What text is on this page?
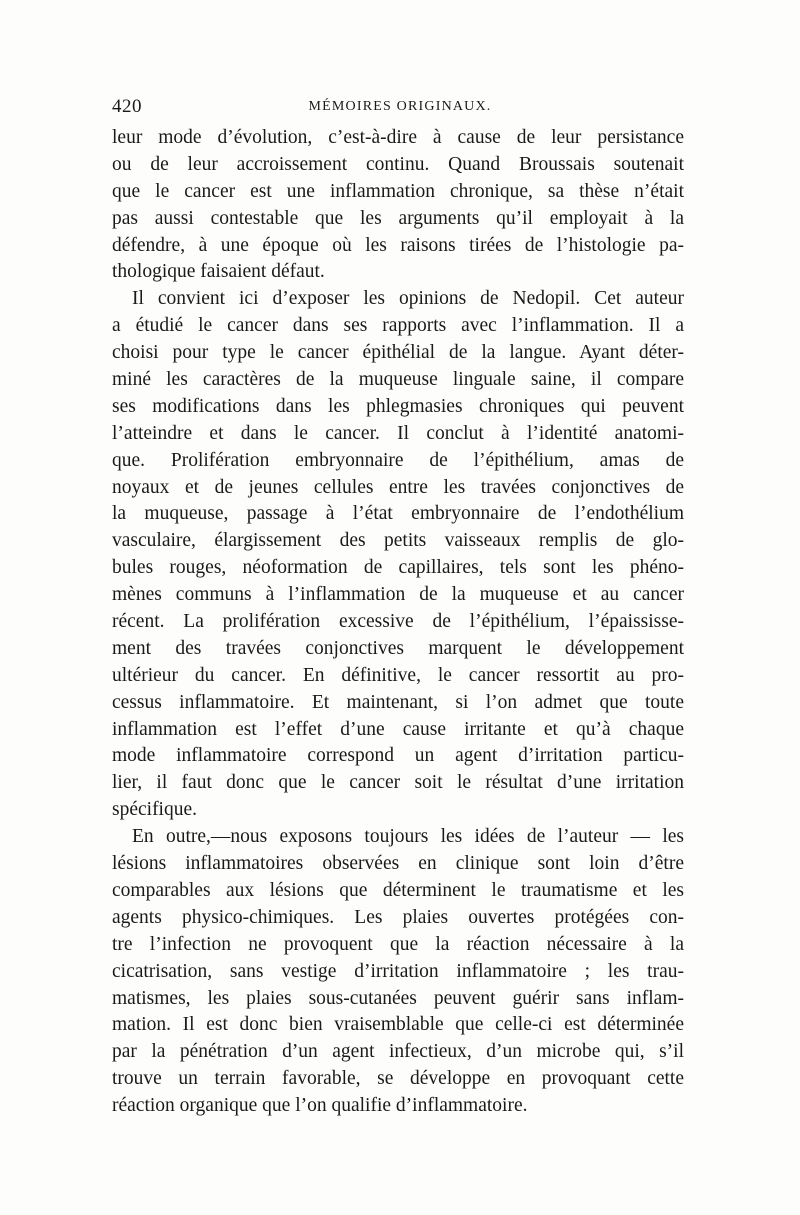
420	MÉMOIRES ORIGINAUX.
leur mode d’évolution, c’est-à-dire à cause de leur persistance
ou de leur accroissement continu. Quand Broussais soutenait
que le cancer est une inflammation chronique, sa thèse n’était
pas aussi contestable que les arguments qu’il employait à la
défendre, à une époque où les raisons tirées de l’histologie pa-
thologique faisaient défaut.
Il convient ici d’exposer les opinions de Nedopil. Cet auteur
a étudié le cancer dans ses rapports avec l’inflammation. Il a
choisi pour type le cancer épithélial de la langue. Ayant déter-
miné les caractères de la muqueuse linguale saine, il compare
ses modifications dans les phlegmasies chroniques qui peuvent
l’atteindre et dans le cancer. Il conclut à l’identité anatomi-
que. Prolifération embryonnaire de l’épithélium, amas de
noyaux et de jeunes cellules entre les travées conjonctives de
la muqueuse, passage à l’état embryonnaire de l’endothélium
vasculaire, élargissement des petits vaisseaux remplis de glo-
bules rouges, néoformation de capillaires, tels sont les phéno-
mènes communs à l’inflammation de la muqueuse et au cancer
récent. La prolifération excessive de l’épithélium, l’épaississe-
ment des travées conjonctives marquent le développement
ultérieur du cancer. En définitive, le cancer ressortit au pro-
cessus inflammatoire. Et maintenant, si l’on admet que toute
inflammation est l’effet d’une cause irritante et qu’à chaque
mode inflammatoire correspond un agent d’irritation particu-
lier, il faut donc que le cancer soit le résultat d’une irritation
spécifique.
En outre,—nous exposons toujours les idées de l’auteur — les
lésions inflammatoires observées en clinique sont loin d’être
comparables aux lésions que déterminent le traumatisme et les
agents physico-chimiques. Les plaies ouvertes protégées con-
tre l’infection ne provoquent que la réaction nécessaire à la
cicatrisation, sans vestige d’irritation inflammatoire ; les trau-
matismes, les plaies sous-cutanées peuvent guérir sans inflam-
mation. Il est donc bien vraisemblable que celle-ci est déterminée
par la pénétration d’un agent infectieux, d’un microbe qui, s’il
trouve un terrain favorable, se développe en provoquant cette
réaction organique que l’on qualifie d’inflammatoire.
